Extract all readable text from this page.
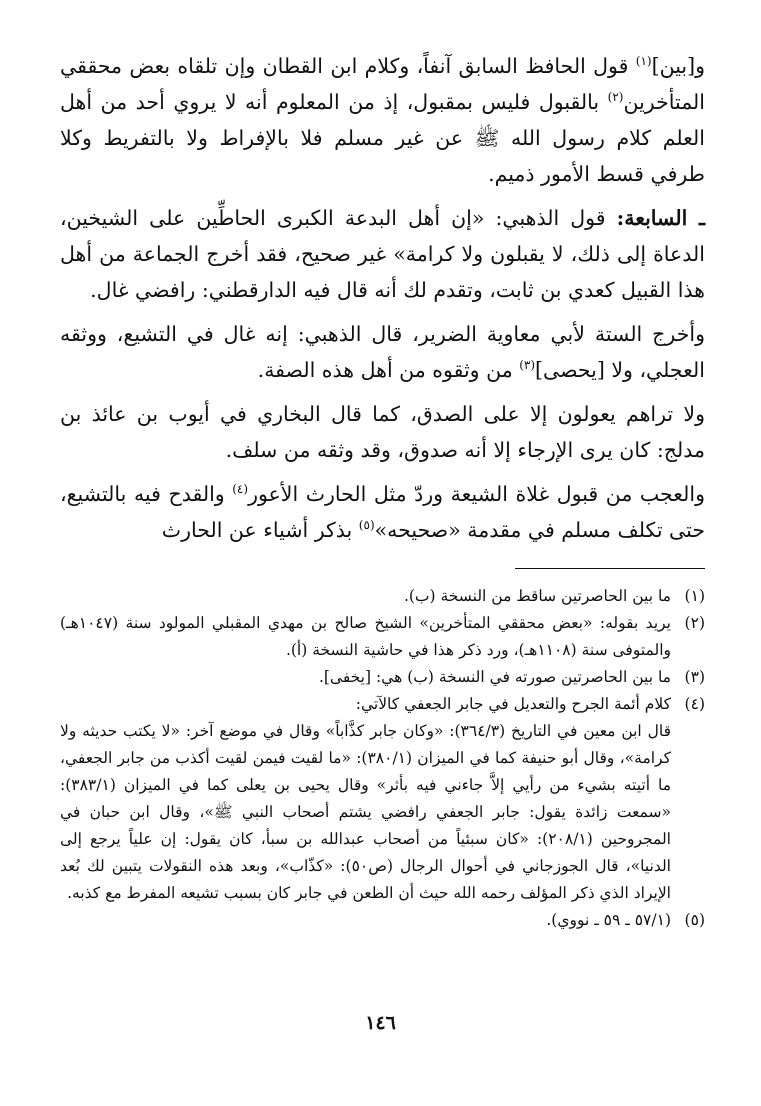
و[بين]$^{(١)}$ قول الحافظ السابق آنفاً، وكلام ابن القطان وإن تلقاه بعض محققي المتأخرين$^{(٢)}$ بالقبول فليس بمقبول، إذ من المعلوم أنه لا يروي أحد من أهل العلم كلام رسول الله ﷺ عن غير مسلم فلا بالإفراط ولا بالتفريط وكلا طرفي قسط الأمور ذميم.

ـ السابعة: قول الذهبي: «إن أهل البدعة الكبرى الحاطِّين على الشيخين، الدعاة إلى ذلك، لا يقبلون ولا كرامة» غير صحيح، فقد أخرج الجماعة من أهل هذا القبيل كعدي بن ثابت، وتقدم لك أنه قال فيه الدارقطني: رافضي غال.

وأخرج الستة لأبي معاوية الضرير، قال الذهبي: إنه غال في التشيع، ووثقه العجلي، ولا [يحصى]$^{(٣)}$ من وثقوه من أهل هذه الصفة.

ولا تراهم يعولون إلا على الصدق، كما قال البخاري في أيوب بن عائذ بن مدلج: كان يرى الإرجاء إلا أنه صدوق، وقد وثقه من سلف.

والعجب من قبول غلاة الشيعة وردّ مثل الحارث الأعور$^{(٤)}$ والقدح فيه بالتشيع، حتى تكلف مسلم في مقدمة «صحيحه»$^{(٥)}$ بذكر أشياء عن الحارث

(١)
ما بين الحاصرتين ساقط من النسخة (ب).
(٢)
يريد بقوله: «بعض محققي المتأخرين» الشيخ صالح بن مهدي المقبلي المولود سنة (١٠٤٧هـ) والمتوفى سنة (١١٠٨هـ)، ورد ذكر هذا في حاشية النسخة (أ).
(٣)
ما بين الحاصرتين صورته في النسخة (ب) هي: [يخفى].
(٤)
كلام أئمة الجرح والتعديل في جابر الجعفي كالآتي:
قال ابن معين في التاريخ (٣٦٤/٣): «وكان جابر كذَّاباً» وقال في موضع آخر: «لا يكتب حديثه ولا كرامة»، وقال أبو حنيفة كما في الميزان (٣٨٠/١): «ما لقيت فيمن لقيت أكذب من جابر الجعفي، ما أتيته بشيء من رأيي إلاَّ جاءني فيه بأثر» وقال يحيى بن يعلى كما في الميزان (٣٨٣/١): «سمعت زائدة يقول: جابر الجعفي رافضي يشتم أصحاب النبي ﷺ»، وقال ابن حبان في المجروحين (٢٠٨/١): «كان سبئياً من أصحاب عبدالله بن سبأ، كان يقول: إن علياً يرجع إلى الدنيا»، قال الجوزجاني في أحوال الرجال (ص٥٠): «كذّاب»، وبعد هذه النقولات يتبين لك بُعد الإيراد الذي ذكر المؤلف رحمه الله حيث أن الطعن في جابر كان بسبب تشيعه المفرط مع كذبه.
(٥)
(٥٧/١ ـ ٥٩ ـ نووي).
١٤٦
